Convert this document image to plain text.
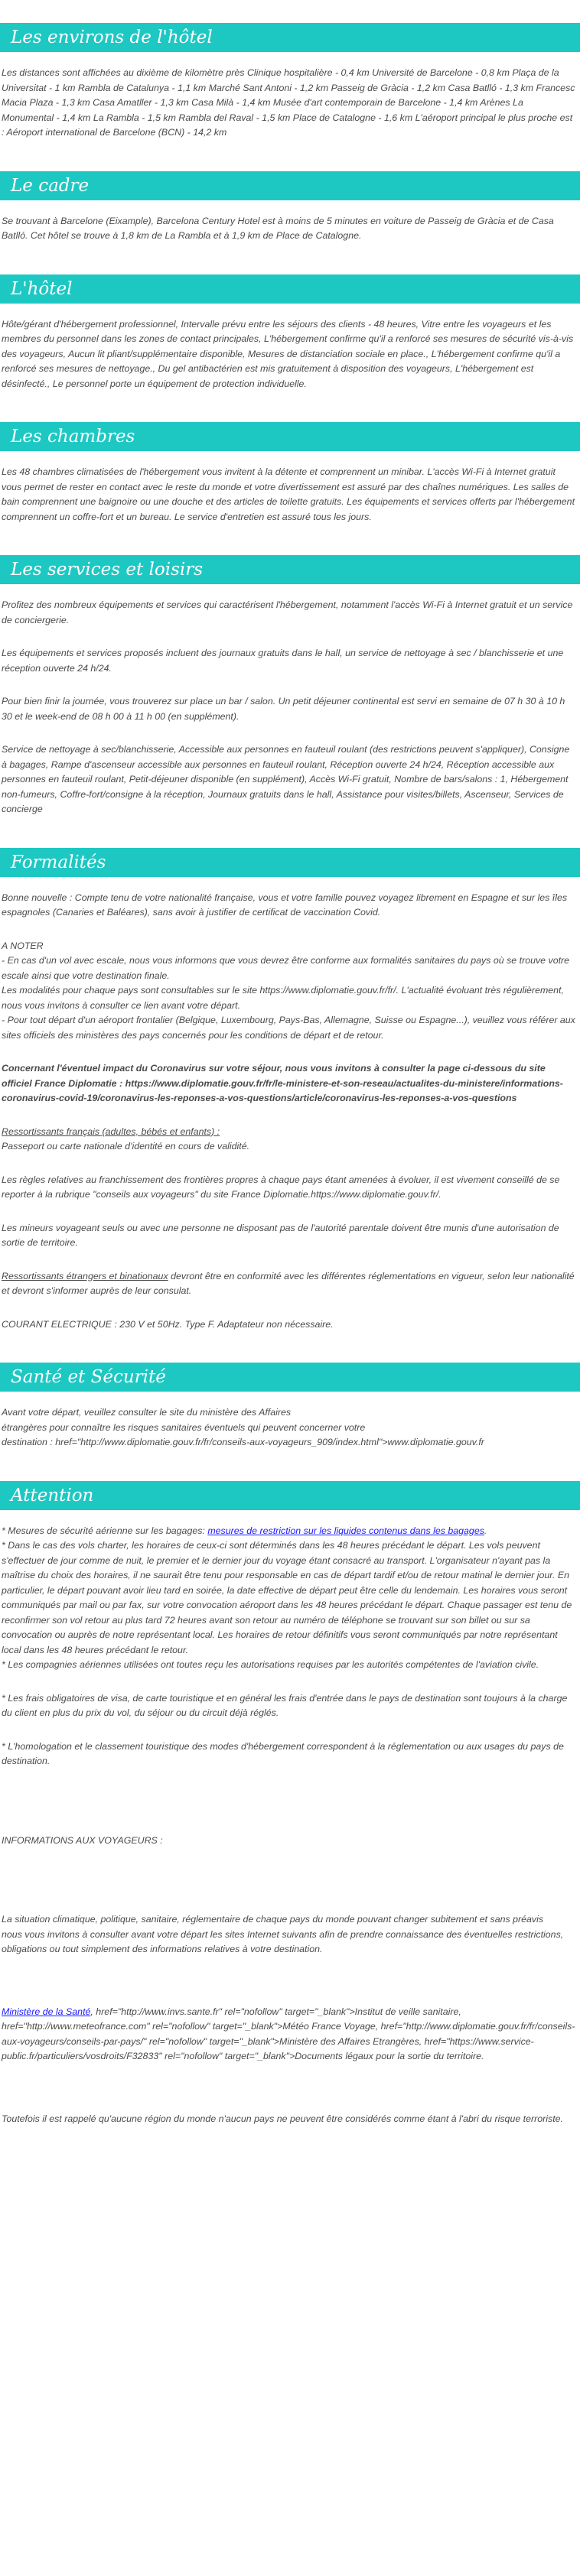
Les environs de l'hôtel

Les distances sont affichées au dixième de kilomètre près Clinique hospitalière - 0,4 km Université de Barcelone - 0,8 km Plaça de la Universitat - 1 km Rambla de Catalunya - 1,1 km Marché Sant Antoni - 1,2 km Passeig de Gràcia - 1,2 km Casa Batlló - 1,3 km Francesc Macia Plaza - 1,3 km Casa Amatller - 1,3 km Casa Milà - 1,4 km Musée d'art contemporain de Barcelone - 1,4 km Arènes La Monumental - 1,4 km La Rambla - 1,5 km Rambla del Raval - 1,5 km Place de Catalogne - 1,6 km L'aéroport principal le plus proche est : Aéroport international de Barcelone (BCN) - 14,2 km

Le cadre

Se trouvant à Barcelone (Eixample), Barcelona Century Hotel est à moins de 5 minutes en voiture de Passeig de Gràcia et de Casa Batlló. Cet hôtel se trouve à 1,8 km de La Rambla et à 1,9 km de Place de Catalogne.

L'hôtel

Hôte/gérant d'hébergement professionnel, Intervalle prévu entre les séjours des clients - 48 heures, Vitre entre les voyageurs et les membres du personnel dans les zones de contact principales, L'hébergement confirme qu'il a renforcé ses mesures de sécurité vis-à-vis des voyageurs, Aucun lit pliant/supplémentaire disponible, Mesures de distanciation sociale en place., L'hébergement confirme qu'il a renforcé ses mesures de nettoyage., Du gel antibactérien est mis gratuitement à disposition des voyageurs, L'hébergement est désinfecté., Le personnel porte un équipement de protection individuelle.

Les chambres

Les 48 chambres climatisées de l'hébergement vous invitent à la détente et comprennent un minibar. L'accès Wi-Fi à Internet gratuit vous permet de rester en contact avec le reste du monde et votre divertissement est assuré par des chaînes numériques. Les salles de bain comprennent une baignoire ou une douche et des articles de toilette gratuits. Les équipements et services offerts par l'hébergement comprennent un coffre-fort et un bureau. Le service d'entretien est assuré tous les jours.

Les services et loisirs

Profitez des nombreux équipements et services qui caractérisent l'hébergement, notamment l'accès Wi-Fi à Internet gratuit et un service de conciergerie.

Les équipements et services proposés incluent des journaux gratuits dans le hall, un service de nettoyage à sec / blanchisserie et une réception ouverte 24 h/24.

Pour bien finir la journée, vous trouverez sur place un bar / salon. Un petit déjeuner continental est servi en semaine de 07 h 30 à 10 h 30 et le week-end de 08 h 00 à 11 h 00 (en supplément).

Service de nettoyage à sec/blanchisserie, Accessible aux personnes en fauteuil roulant (des restrictions peuvent s'appliquer), Consigne à bagages, Rampe d'ascenseur accessible aux personnes en fauteuil roulant, Réception ouverte 24 h/24, Réception accessible aux personnes en fauteuil roulant, Petit-déjeuner disponible (en supplément), Accès Wi-Fi gratuit, Nombre de bars/salons : 1, Hébergement non-fumeurs, Coffre-fort/consigne à la réception, Journaux gratuits dans le hall, Assistance pour visites/billets, Ascenseur, Services de concierge

Formalités

Bonne nouvelle : Compte tenu de votre nationalité française, vous et votre famille pouvez voyagez librement en Espagne et sur les îles espagnoles (Canaries et Baléares), sans avoir à justifier de certificat de vaccination Covid.

A NOTER

- En cas d'un vol avec escale, nous vous informons que vous devrez être conforme aux formalités sanitaires du pays où se trouve votre escale ainsi que votre destination finale.

Les modalités pour chaque pays sont consultables sur le site https://www.diplomatie.gouv.fr/fr/. L'actualité évoluant très régulièrement, nous vous invitons à consulter ce lien avant votre départ.

- Pour tout départ d'un aéroport frontalier (Belgique, Luxembourg, Pays-Bas, Allemagne, Suisse ou Espagne...), veuillez vous référer aux sites officiels des ministères des pays concernés pour les conditions de départ et de retour.

Concernant l'éventuel impact du Coronavirus sur votre séjour, nous vous invitons à consulter la page ci-dessous du site officiel France Diplomatie : https://www.diplomatie.gouv.fr/fr/le-ministere-et-son-reseau/actualites-du-ministere/informations-coronavirus-covid-19/coronavirus-les-reponses-a-vos-questions/article/coronavirus-les-reponses-a-vos-questions

Ressortissants français (adultes, bébés et enfants) :

Passeport ou carte nationale d'identité en cours de validité.

Les règles relatives au franchissement des frontières propres à chaque pays étant amenées à évoluer, il est vivement conseillé de se reporter à la rubrique "conseils aux voyageurs" du site France Diplomatie.https://www.diplomatie.gouv.fr/.

Les mineurs voyageant seuls ou avec une personne ne disposant pas de l'autorité parentale doivent être munis d'une autorisation de sortie de territoire.

Ressortissants étrangers et binationaux devront être en conformité avec les différentes réglementations en vigueur, selon leur nationalité et devront s'informer auprès de leur consulat.

COURANT ELECTRIQUE : 230 V et 50Hz. Type F. Adaptateur non nécessaire.

Santé et Sécurité

Avant votre départ, veuillez consulter le site du ministère des Affaires

étrangères pour connaître les risques sanitaires éventuels qui peuvent concerner votre

destination : href="http://www.diplomatie.gouv.fr/fr/conseils-aux-voyageurs_909/index.html">www.diplomatie.gouv.fr

Attention

* Mesures de sécurité aérienne sur les bagages: mesures de restriction sur les liquides contenus dans les bagages.

* Dans le cas des vols charter, les horaires de ceux-ci sont déterminés dans les 48 heures précédant le départ. Les vols peuvent s'effectuer de jour comme de nuit, le premier et le dernier jour du voyage étant consacré au transport. L'organisateur n'ayant pas la maîtrise du choix des horaires, il ne saurait être tenu pour responsable en cas de départ tardif et/ou de retour matinal le dernier jour. En particulier, le départ pouvant avoir lieu tard en soirée, la date effective de départ peut être celle du lendemain. Les horaires vous seront communiqués par mail ou par fax, sur votre convocation aéroport dans les 48 heures précédant le départ. Chaque passager est tenu de reconfirmer son vol retour au plus tard 72 heures avant son retour au numéro de téléphone se trouvant sur son billet ou sur sa convocation ou auprès de notre représentant local. Les horaires de retour définitifs vous seront communiqués par notre représentant local dans les 48 heures précédant le retour.

* Les compagnies aériennes utilisées ont toutes reçu les autorisations requises par les autorités compétentes de l'aviation civile.

* Les frais obligatoires de visa, de carte touristique et en général les frais d'entrée dans le pays de destination sont toujours à la charge du client en plus du prix du vol, du séjour ou du circuit déjà réglés.

* L'homologation et le classement touristique des modes d'hébergement correspondent à la réglementation ou aux usages du pays de destination.

INFORMATIONS AUX VOYAGEURS :

La situation climatique, politique, sanitaire, réglementaire de chaque pays du monde pouvant changer subitement et sans préavis

nous vous invitons à consulter avant votre départ les sites Internet suivants afin de prendre connaissance des éventuelles restrictions, obligations ou tout simplement des informations relatives à votre destination.

Ministère de la Santé, href="http://www.invs.sante.fr" rel="nofollow" target="_blank">Institut de veille sanitaire, href="http://www.meteofrance.com" rel="nofollow" target="_blank">Météo France Voyage, href="http://www.diplomatie.gouv.fr/fr/conseils-aux-voyageurs/conseils-par-pays/" rel="nofollow" target="_blank">Ministère des Affaires Etrangères, href="https://www.service-public.fr/particuliers/vosdroits/F32833" rel="nofollow" target="_blank">Documents légaux pour la sortie du territoire.

Toutefois il est rappelé qu'aucune région du monde n'aucun pays ne peuvent être considérés comme étant à l'abri du risque terroriste.
